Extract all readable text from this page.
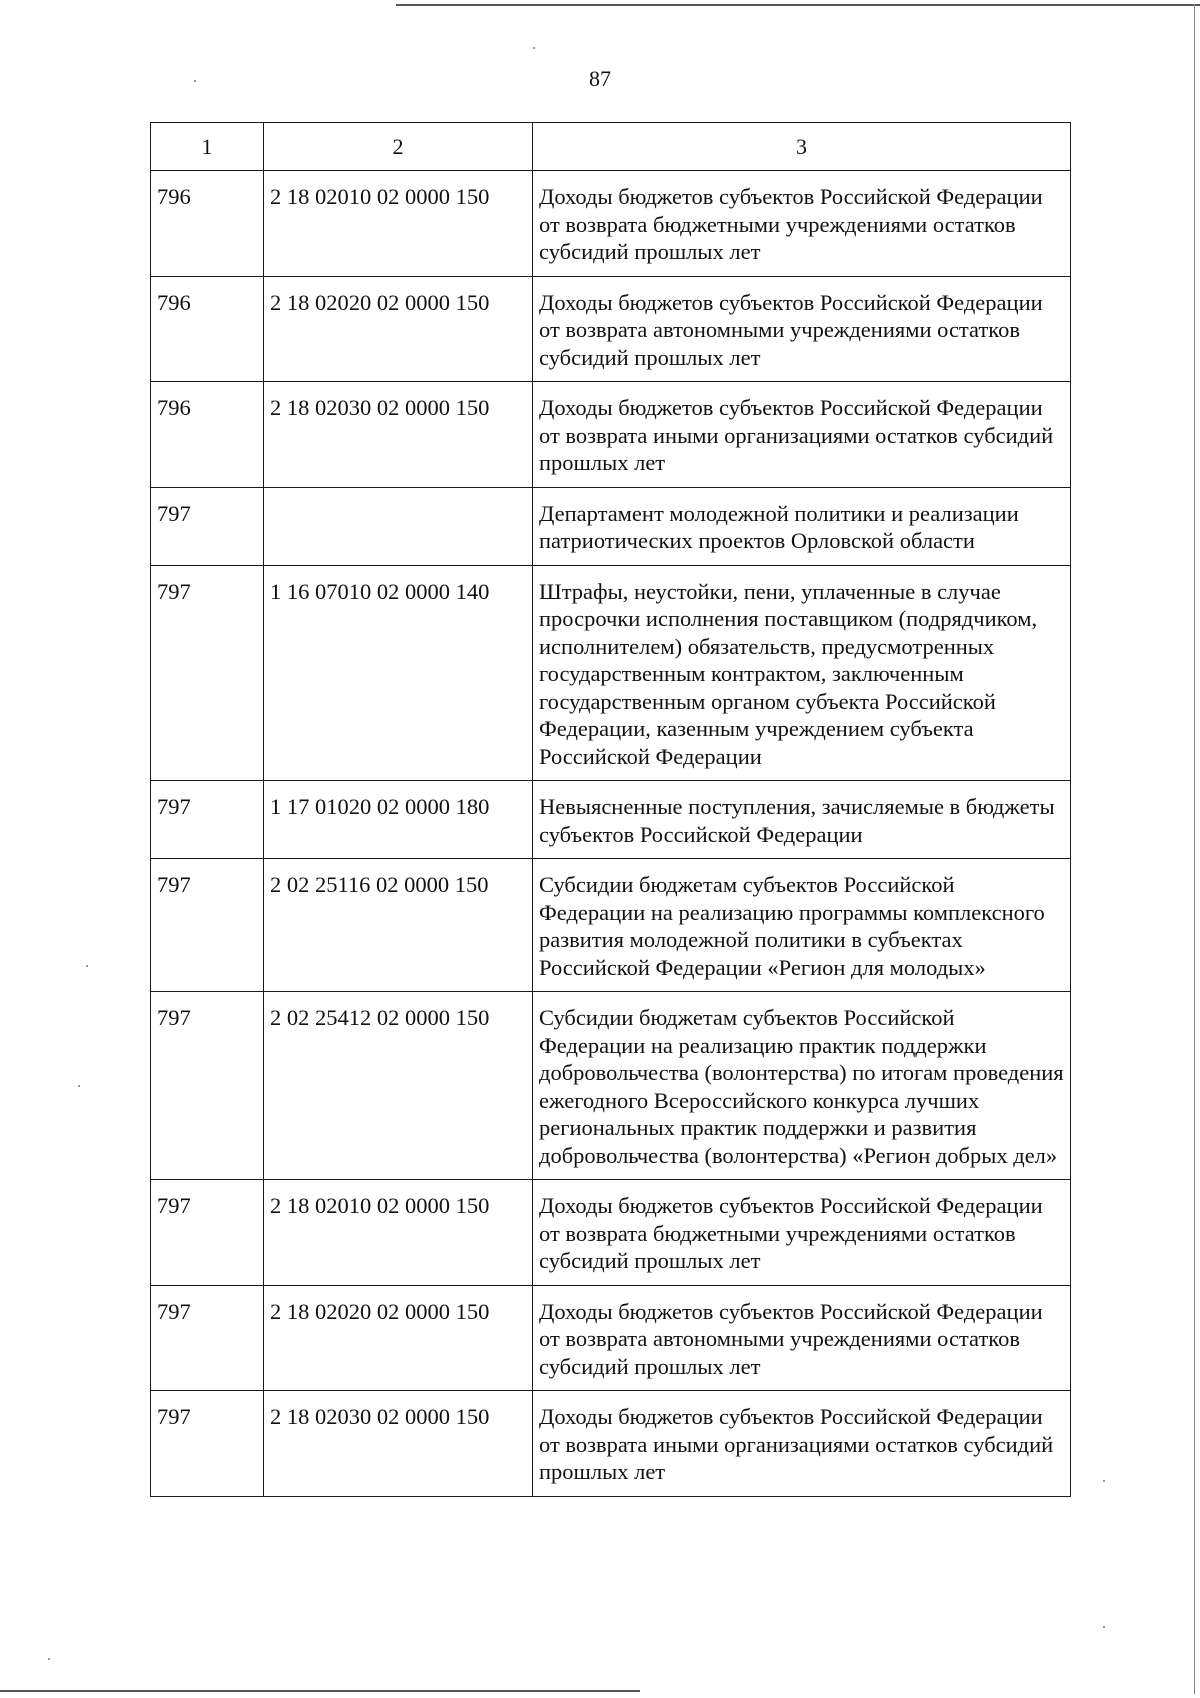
87
1	2	3
796	2 18 02010 02 0000 150	Доходы бюджетов субъектов Российской Федерации от возврата бюджетными учреждениями остатков субсидий прошлых лет
796	2 18 02020 02 0000 150	Доходы бюджетов субъектов Российской Федерации от возврата автономными учреждениями остатков субсидий прошлых лет
796	2 18 02030 02 0000 150	Доходы бюджетов субъектов Российской Федерации от возврата иными организациями остатков субсидий прошлых лет
797		Департамент молодежной политики и реализации патриотических проектов Орловской области
797	1 16 07010 02 0000 140	Штрафы, неустойки, пени, уплаченные в случае просрочки исполнения поставщиком (подрядчиком, исполнителем) обязательств, предусмотренных государственным контрактом, заключенным государственным органом субъекта Российской Федерации, казенным учреждением субъекта Российской Федерации
797	1 17 01020 02 0000 180	Невыясненные поступления, зачисляемые в бюджеты субъектов Российской Федерации
797	2 02 25116 02 0000 150	Субсидии бюджетам субъектов Российской Федерации на реализацию программы комплексного развития молодежной политики в субъектах Российской Федерации «Регион для молодых»
797	2 02 25412 02 0000 150	Субсидии бюджетам субъектов Российской Федерации на реализацию практик поддержки добровольчества (волонтерства) по итогам проведения ежегодного Всероссийского конкурса лучших региональных практик поддержки и развития добровольчества (волонтерства) «Регион добрых дел»
797	2 18 02010 02 0000 150	Доходы бюджетов субъектов Российской Федерации от возврата бюджетными учреждениями остатков субсидий прошлых лет
797	2 18 02020 02 0000 150	Доходы бюджетов субъектов Российской Федерации от возврата автономными учреждениями остатков субсидий прошлых лет
797	2 18 02030 02 0000 150	Доходы бюджетов субъектов Российской Федерации от возврата иными организациями остатков субсидий прошлых лет
